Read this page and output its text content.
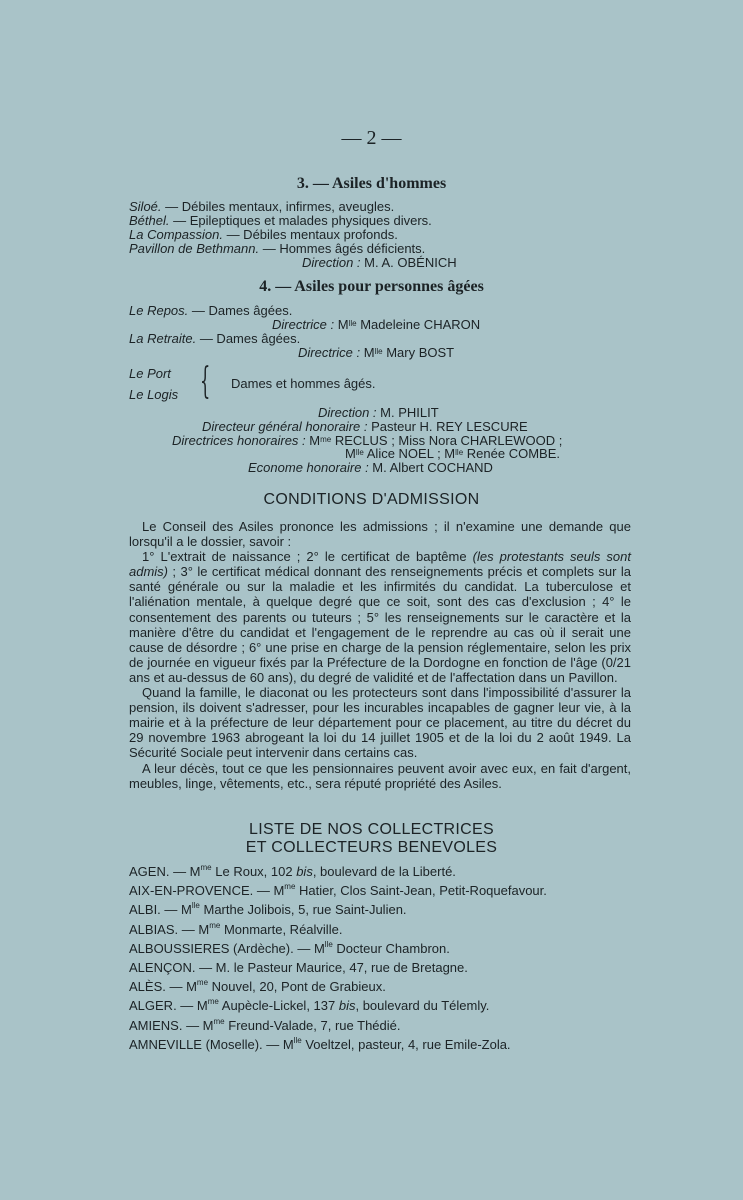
— 2 —
3. — Asiles d'hommes
Siloé. — Débiles mentaux, infirmes, aveugles.
Béthel. — Epileptiques et malades physiques divers.
La Compassion. — Débiles mentaux profonds.
Pavillon de Bethmann. — Hommes âgés déficients.
Direction : M. A. OBÉNICH
4. — Asiles pour personnes âgées
Le Repos. — Dames âgées.
Directrice : $M^{lle}$ Madeleine CHARON
La Retraite. — Dames âgées.
Directrice : $M^{lle}$ Mary BOST
Le Port
Le Logis { Dames et hommes âgés.
Direction : M. PHILIT
Directeur général honoraire : Pasteur H. REY LESCURE
Directrices honoraires : $M^{me}$ RECLUS ; Miss Nora CHARLEWOOD ;
$M^{lle}$ Alice NOEL ; $M^{lle}$ Renée COMBE.
Econome honoraire : M. Albert COCHAND
CONDITIONS D'ADMISSION

Le Conseil des Asiles prononce les admissions ; il n'examine une demande que lorsqu'il a le dossier, savoir :

1° L'extrait de naissance ; 2° le certificat de baptême (les protestants seuls sont admis) ; 3° le certificat médical donnant des renseignements précis et complets sur la santé générale ou sur la maladie et les infirmités du candidat. La tuberculose et l'aliénation mentale, à quelque degré que ce soit, sont des cas d'exclusion ; 4° le consentement des parents ou tuteurs ; 5° les renseignements sur le caractère et la manière d'être du candidat et l'engagement de le reprendre au cas où il serait une cause de désordre ; 6° une prise en charge de la pension réglementaire, selon les prix de journée en vigueur fixés par la Préfecture de la Dordogne en fonction de l'âge (0/21 ans et au-dessus de 60 ans), du degré de validité et de l'affectation dans un Pavillon.

Quand la famille, le diaconat ou les protecteurs sont dans l'impossibilité d'assurer la pension, ils doivent s'adresser, pour les incurables incapables de gagner leur vie, à la mairie et à la préfecture de leur département pour ce placement, au titre du décret du 29 novembre 1963 abrogeant la loi du 14 juillet 1905 et de la loi du 2 août 1949. La Sécurité Sociale peut intervenir dans certains cas.

A leur décès, tout ce que les pensionnaires peuvent avoir avec eux, en fait d'argent, meubles, linge, vêtements, etc., sera réputé propriété des Asiles.

LISTE DE NOS COLLECTRICES
ET COLLECTEURS BENEVOLES
AGEN. — $M^{me}$ Le Roux, 102 bis, boulevard de la Liberté.
AIX-EN-PROVENCE. — $M^{me}$ Hatier, Clos Saint-Jean, Petit-Roquefavour.
ALBI. — $M^{lle}$ Marthe Jolibois, 5, rue Saint-Julien.
ALBIAS. — $M^{me}$ Monmarte, Réalville.
ALBOUSSIERES (Ardèche). — $M^{lle}$ Docteur Chambron.
ALENÇON. — M. le Pasteur Maurice, 47, rue de Bretagne.
ALÈS. — $M^{me}$ Nouvel, 20, Pont de Grabieux.
ALGER. — $M^{me}$ Aupècle-Lickel, 137 bis, boulevard du Télemly.
AMIENS. — $M^{me}$ Freund-Valade, 7, rue Thédié.
AMNEVILLE (Moselle). — $M^{lle}$ Voeltzel, pasteur, 4, rue Emile-Zola.
